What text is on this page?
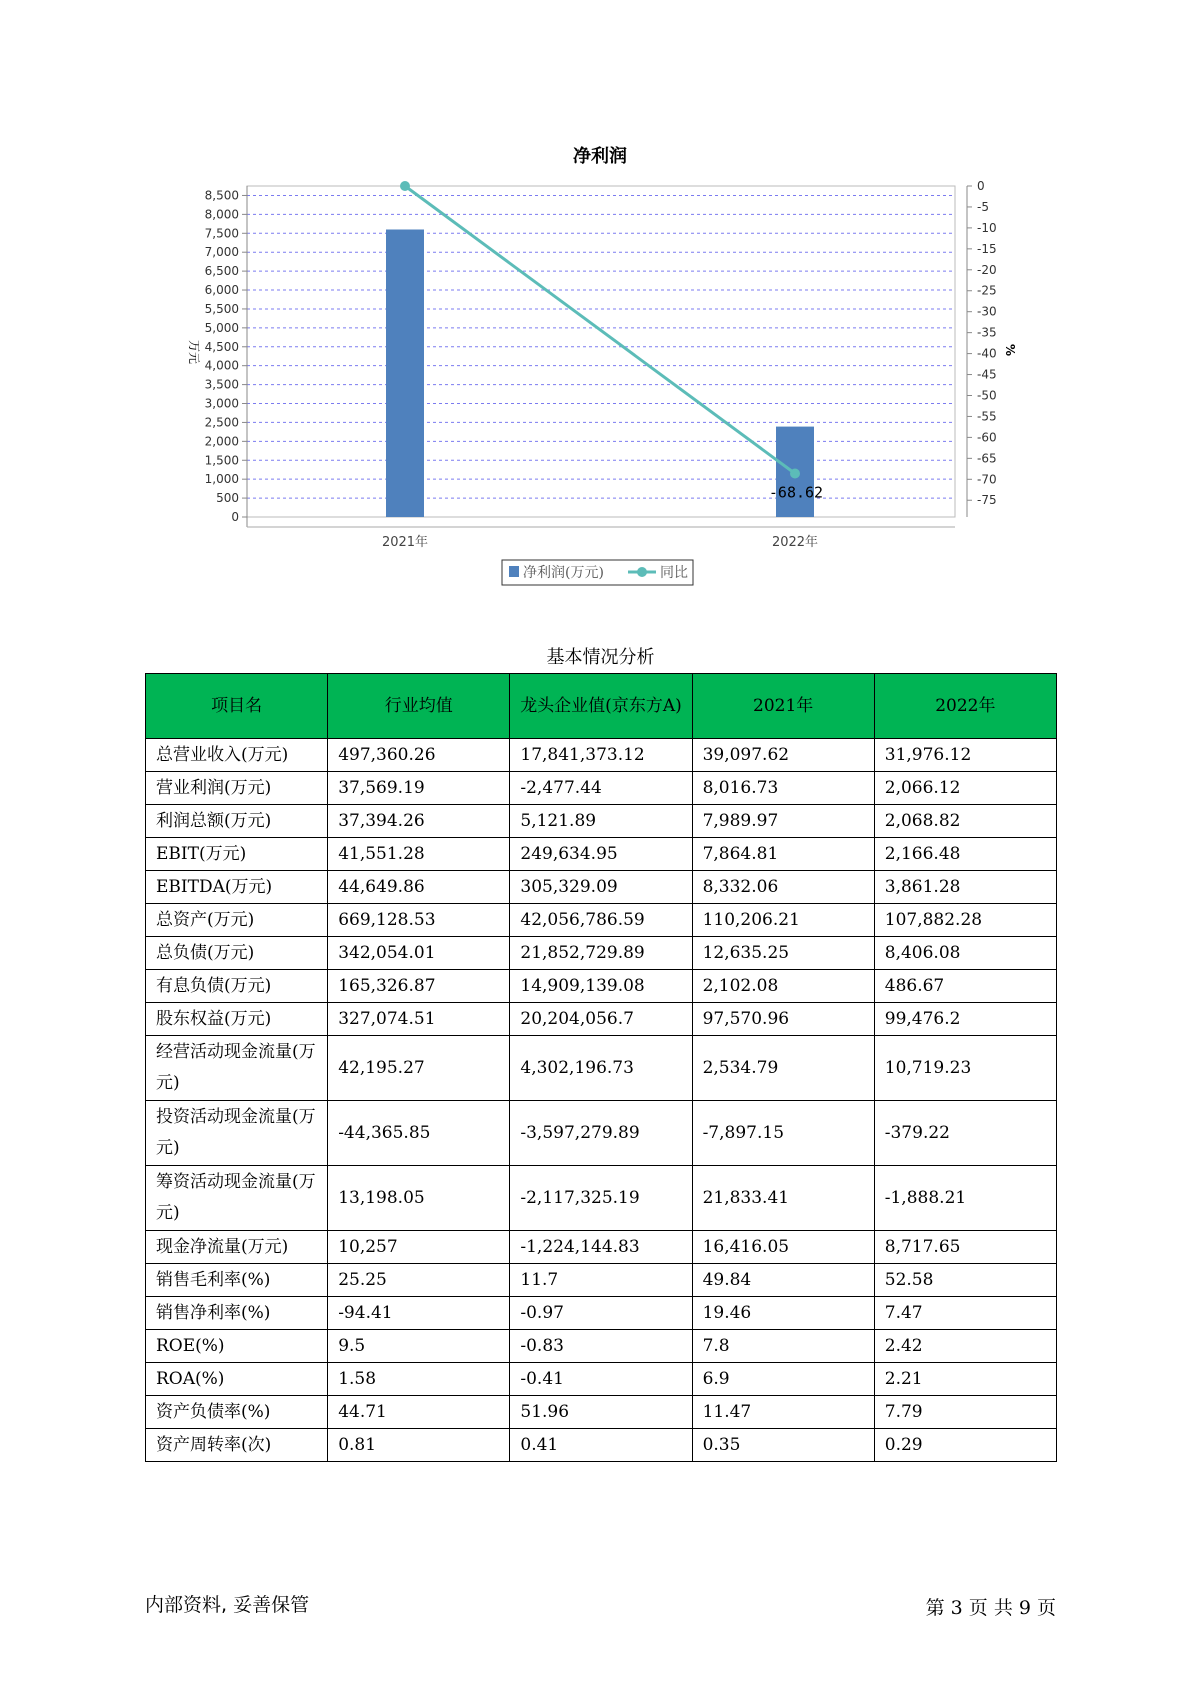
净利润
0
500
1,000
1,500
2,000
2,500
3,000
3,500
4,000
4,500
5,000
5,500
6,000
6,500
7,000
7,500
8,000
8,500
0
-5
-10
-15
-20
-25
-30
-35
-40
-45
-50
-55
-60
-65
-70
-75
万元	%
2021年	2022年
-68.62
净利润(万元)	同比
基本情况分析
项目名	行业均值	龙头企业值(京东方A)	2021年	2022年
总营业收入(万元)	497,360.26	17,841,373.12	39,097.62	31,976.12
营业利润(万元)	37,569.19	-2,477.44	8,016.73	2,066.12
利润总额(万元)	37,394.26	5,121.89	7,989.97	2,068.82
EBIT(万元)	41,551.28	249,634.95	7,864.81	2,166.48
EBITDA(万元)	44,649.86	305,329.09	8,332.06	3,861.28
总资产(万元)	669,128.53	42,056,786.59	110,206.21	107,882.28
总负债(万元)	342,054.01	21,852,729.89	12,635.25	8,406.08
有息负债(万元)	165,326.87	14,909,139.08	2,102.08	486.67
股东权益(万元)	327,074.51	20,204,056.7	97,570.96	99,476.2
经营活动现金流量(万元)	42,195.27	4,302,196.73	2,534.79	10,719.23
投资活动现金流量(万元)	-44,365.85	-3,597,279.89	-7,897.15	-379.22
筹资活动现金流量(万元)	13,198.05	-2,117,325.19	21,833.41	-1,888.21
现金净流量(万元)	10,257	-1,224,144.83	16,416.05	8,717.65
销售毛利率(%)	25.25	11.7	49.84	52.58
销售净利率(%)	-94.41	-0.97	19.46	7.47
ROE(%)	9.5	-0.83	7.8	2.42
ROA(%)	1.58	-0.41	6.9	2.21
资产负债率(%)	44.71	51.96	11.47	7.79
资产周转率(次)	0.81	0.41	0.35	0.29
内部资料, 妥善保管	第 3 页 共 9 页
